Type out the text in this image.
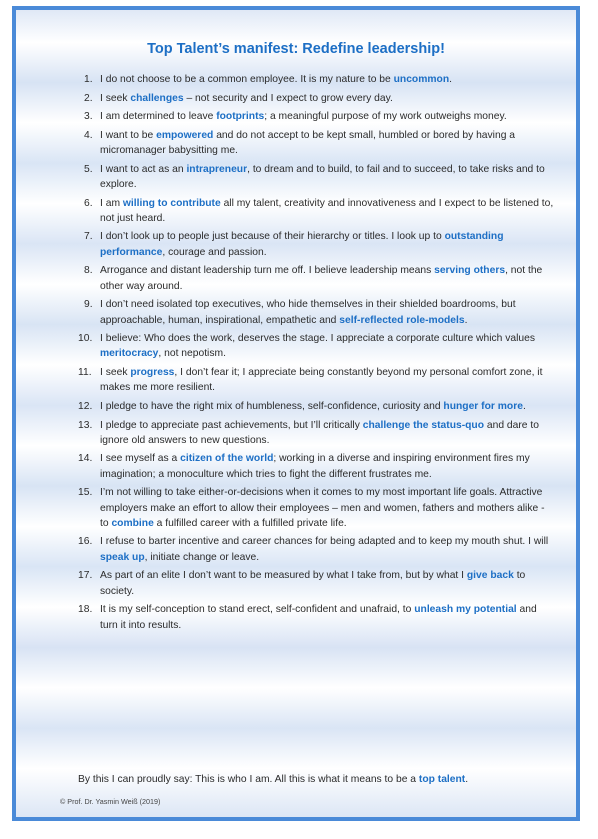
Top Talent’s manifest: Redefine leadership!
1. I do not choose to be a common employee. It is my nature to be uncommon.
2. I seek challenges – not security and I expect to grow every day.
3. I am determined to leave footprints; a meaningful purpose of my work outweighs money.
4. I want to be empowered and do not accept to be kept small, humbled or bored by having a micromanager babysitting me.
5. I want to act as an intrapreneur, to dream and to build, to fail and to succeed, to take risks and to explore.
6. I am willing to contribute all my talent, creativity and innovativeness and I expect to be listened to, not just heard.
7. I don’t look up to people just because of their hierarchy or titles. I look up to outstanding performance, courage and passion.
8. Arrogance and distant leadership turn me off. I believe leadership means serving others, not the other way around.
9. I don’t need isolated top executives, who hide themselves in their shielded boardrooms, but approachable, human, inspirational, empathetic and self-reflected role-models.
10. I believe: Who does the work, deserves the stage. I appreciate a corporate culture which values meritocracy, not nepotism.
11. I seek progress, I don’t fear it; I appreciate being constantly beyond my personal comfort zone, it makes me more resilient.
12. I pledge to have the right mix of humbleness, self-confidence, curiosity and hunger for more.
13. I pledge to appreciate past achievements, but I’ll critically challenge the status-quo and dare to ignore old answers to new questions.
14. I see myself as a citizen of the world; working in a diverse and inspiring environment fires my imagination; a monoculture which tries to fight the different frustrates me.
15. I’m not willing to take either-or-decisions when it comes to my most important life goals. Attractive employers make an effort to allow their employees – men and women, fathers and mothers alike - to combine a fulfilled career with a fulfilled private life.
16. I refuse to barter incentive and career chances for being adapted and to keep my mouth shut. I will speak up, initiate change or leave.
17. As part of an elite I don’t want to be measured by what I take from, but by what I give back to society.
18. It is my self-conception to stand erect, self-confident and unafraid, to unleash my potential and turn it into results.

By this I can proudly say: This is who I am. All this is what it means to be a top talent.

© Prof. Dr. Yasmin Weiß (2019)
